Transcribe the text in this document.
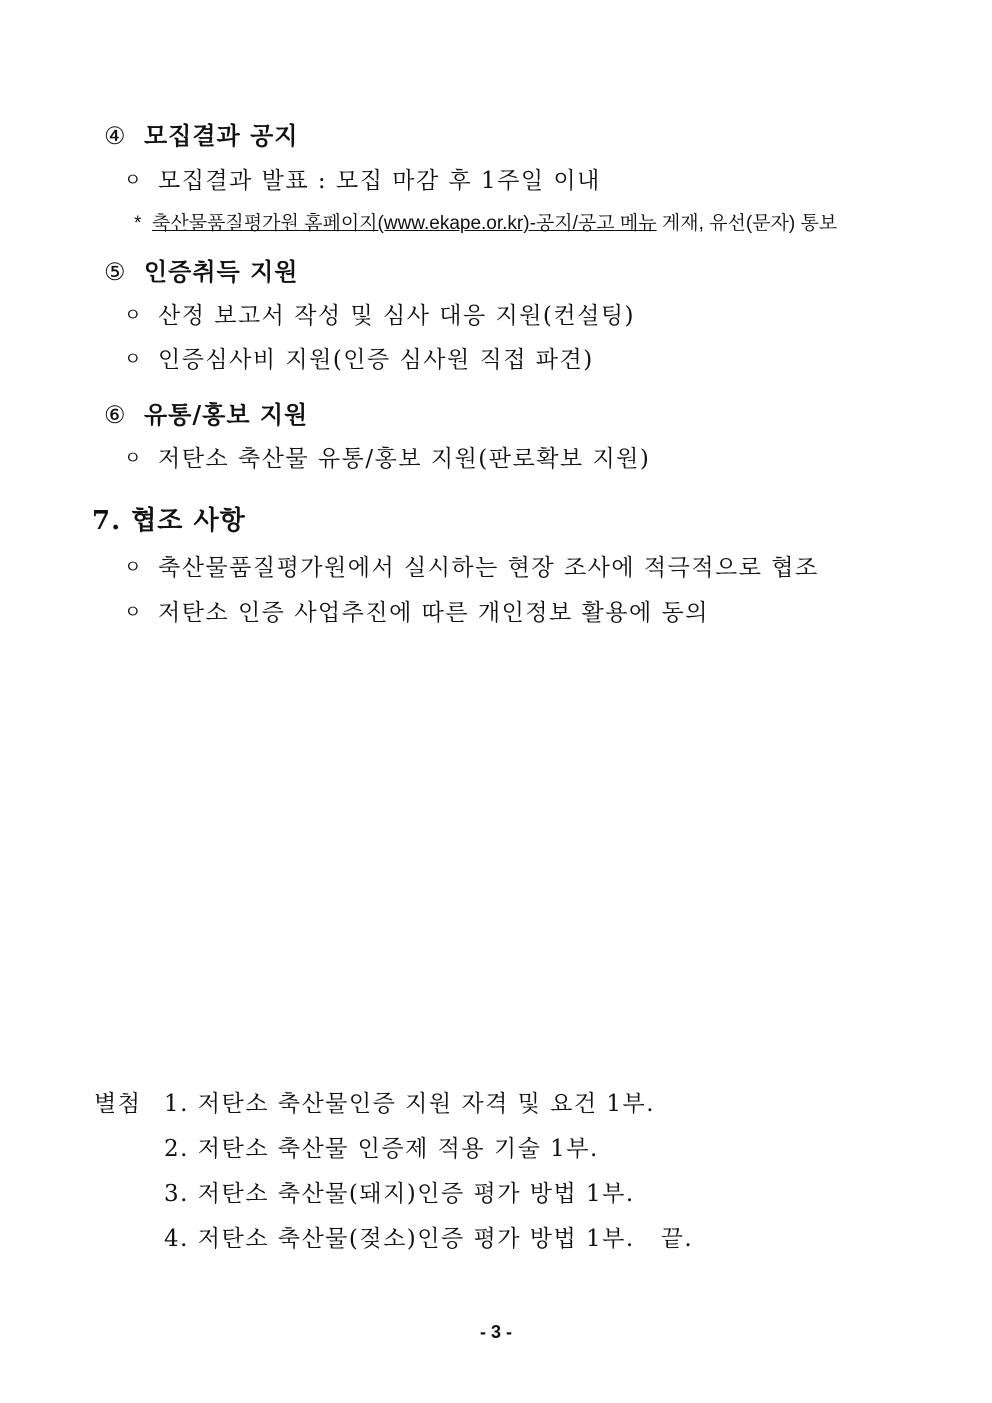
④ 모집결과 공지
ㅇ 모집결과 발표 : 모집 마감 후 1주일 이내
* 축산물품질평가원 홈페이지(www.ekape.or.kr)-공지/공고 메뉴 게재, 유선(문자) 통보
⑤ 인증취득 지원
ㅇ 산정 보고서 작성 및 심사 대응 지원(컨설팅)
ㅇ 인증심사비 지원(인증 심사원 직접 파견)
⑥ 유통/홍보 지원
ㅇ 저탄소 축산물 유통/홍보 지원(판로확보 지원)
7. 협조 사항
ㅇ 축산물품질평가원에서 실시하는 현장 조사에 적극적으로 협조
ㅇ 저탄소 인증 사업추진에 따른 개인정보 활용에 동의
별첨 1. 저탄소 축산물인증 지원 자격 및 요건 1부.
2. 저탄소 축산물 인증제 적용 기술 1부.
3. 저탄소 축산물(돼지)인증 평가 방법 1부.
4. 저탄소 축산물(젖소)인증 평가 방법 1부. 끝.
- 3 -
